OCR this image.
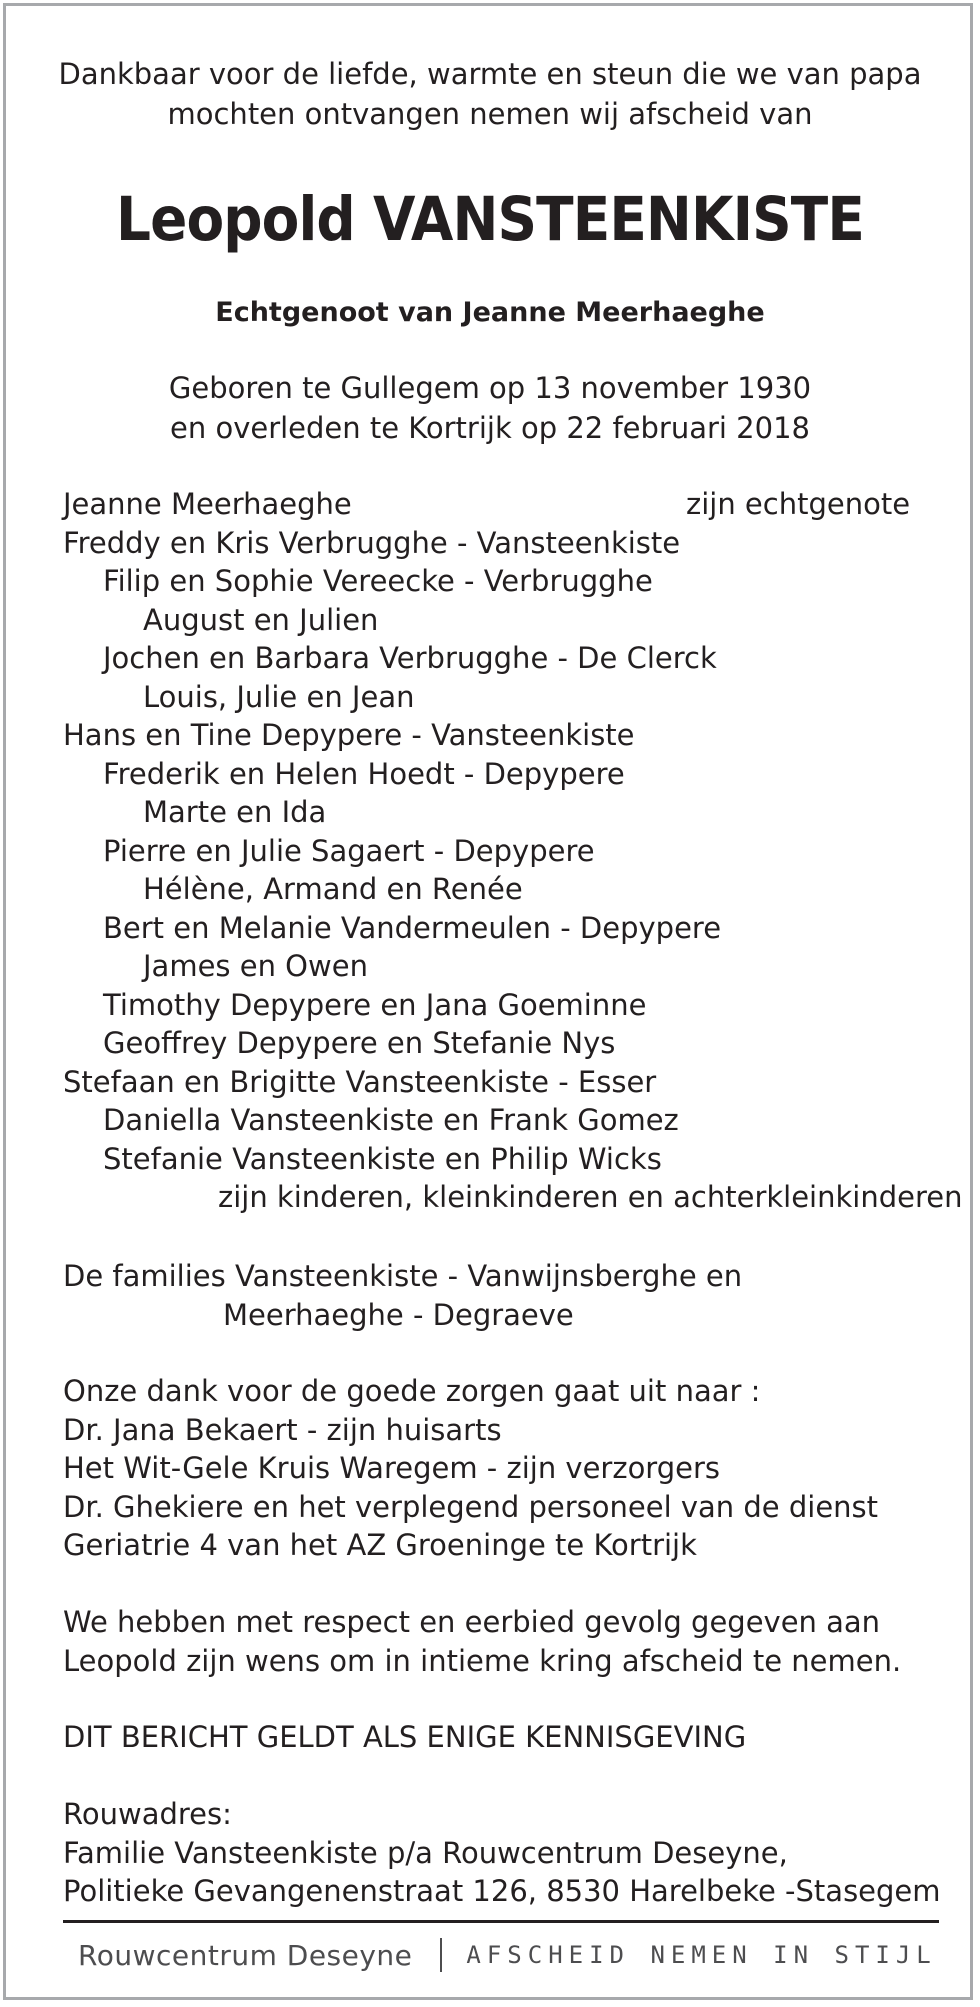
Dankbaar voor de liefde, warmte en steun die we van papa
mochten ontvangen nemen wij afscheid van
Leopold VANSTEENKISTE
Echtgenoot van Jeanne Meerhaeghe
Geboren te Gullegem op 13 november 1930
en overleden te Kortrijk op 22 februari 2018
Jeanne Meerhaeghe	zijn echtgenote
Freddy en Kris Verbrugghe - Vansteenkiste
Filip en Sophie Vereecke - Verbrugghe
August en Julien
Jochen en Barbara Verbrugghe - De Clerck
Louis, Julie en Jean
Hans en Tine Depypere - Vansteenkiste
Frederik en Helen Hoedt - Depypere
Marte en Ida
Pierre en Julie Sagaert - Depypere
Hélène, Armand en Renée
Bert en Melanie Vandermeulen - Depypere
James en Owen
Timothy Depypere en Jana Goeminne
Geoffrey Depypere en Stefanie Nys
Stefaan en Brigitte Vansteenkiste - Esser
Daniella Vansteenkiste en Frank Gomez
Stefanie Vansteenkiste en Philip Wicks
zijn kinderen, kleinkinderen en achterkleinkinderen
De families Vansteenkiste - Vanwijnsberghe en
Meerhaeghe - Degraeve
Onze dank voor de goede zorgen gaat uit naar :
Dr. Jana Bekaert - zijn huisarts
Het Wit-Gele Kruis Waregem - zijn verzorgers
Dr. Ghekiere en het verplegend personeel van de dienst
Geriatrie 4 van het AZ Groeninge te Kortrijk
We hebben met respect en eerbied gevolg gegeven aan
Leopold zijn wens om in intieme kring afscheid te nemen.
DIT BERICHT GELDT ALS ENIGE KENNISGEVING
Rouwadres:
Familie Vansteenkiste p/a Rouwcentrum Deseyne,
Politieke Gevangenenstraat 126, 8530 Harelbeke -Stasegem
Rouwcentrum Deseyne AFSCHEID NEMEN IN STIJL
